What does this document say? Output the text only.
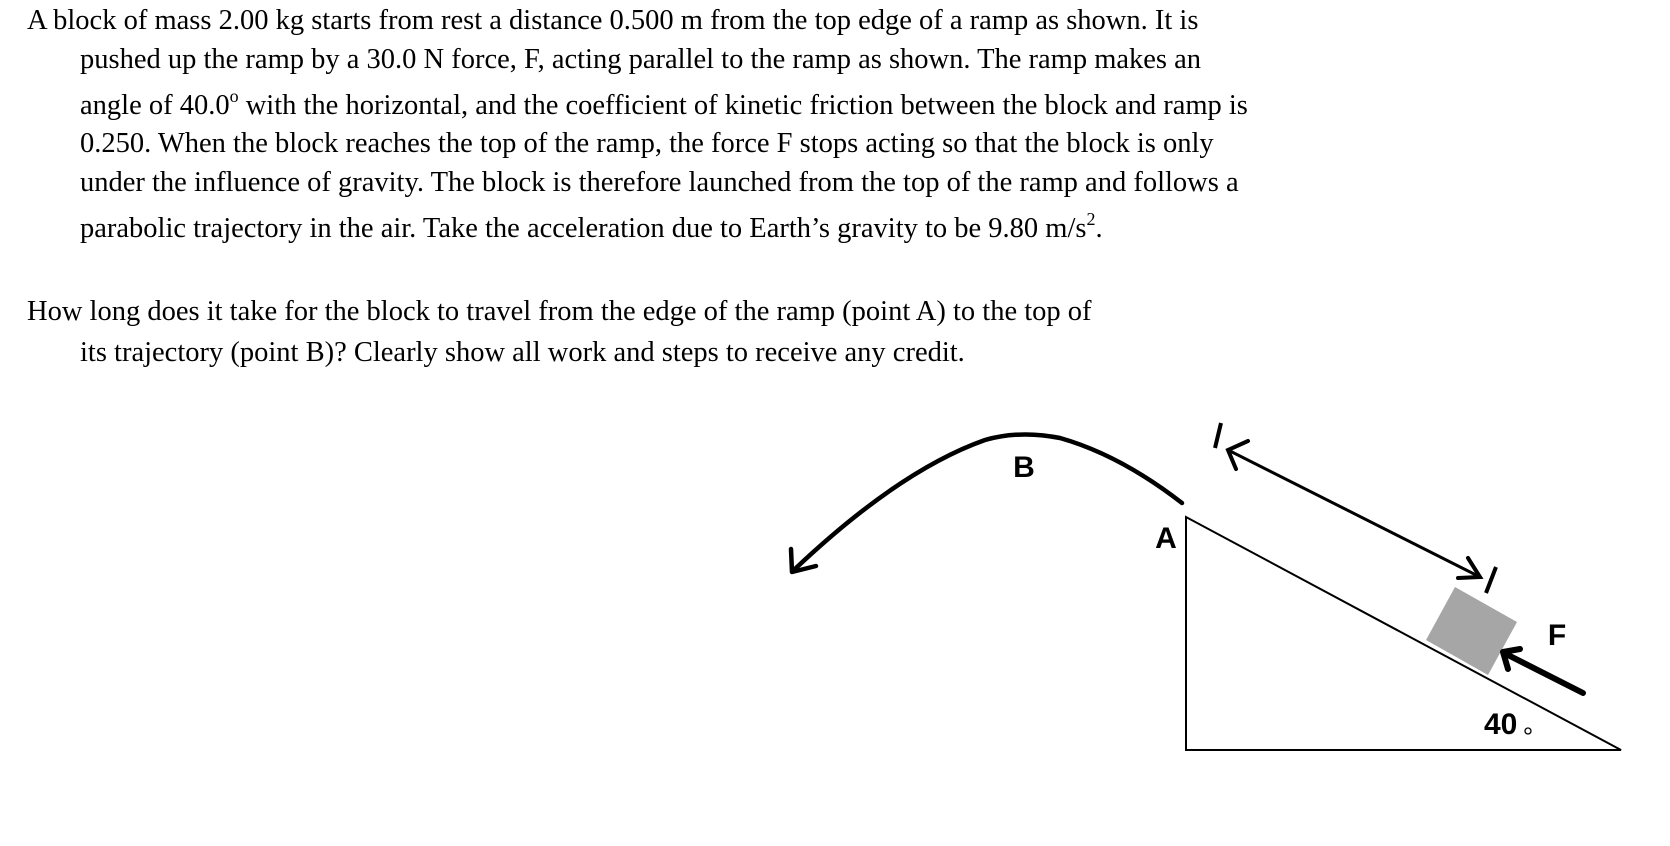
A block of mass 2.00 kg starts from rest a distance 0.500 m from the top edge of a ramp as shown. It is
pushed up the ramp by a 30.0 N force, F, acting parallel to the ramp as shown. The ramp makes an
angle of 40.0$^o$ with the horizontal, and the coefficient of kinetic friction between the block and ramp is
0.250. When the block reaches the top of the ramp, the force F stops acting so that the block is only
under the influence of gravity. The block is therefore launched from the top of the ramp and follows a
parabolic trajectory in the air. Take the acceleration due to Earth’s gravity to be 9.80 $m/s^2$.
How long does it take for the block to travel from the edge of the ramp (point A) to the top of
its trajectory (point B)? Clearly show all work and steps to receive any credit.
B
A
F
40
